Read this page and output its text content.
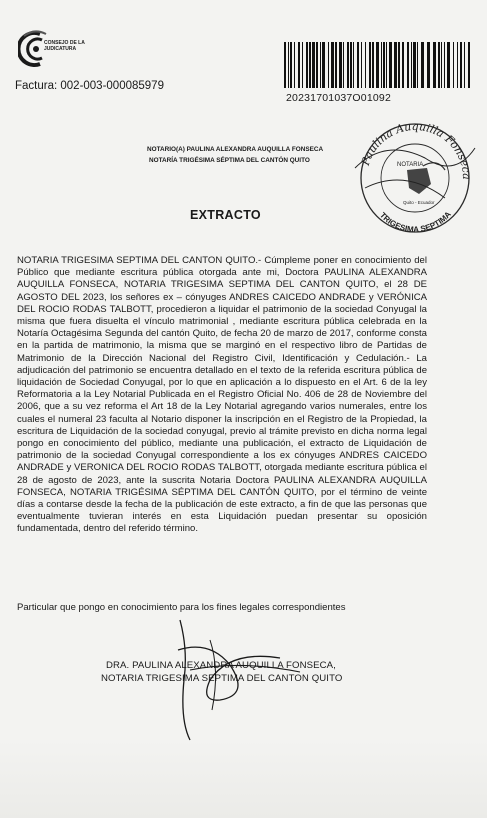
CONSEJO DE LA JUDICATURA
Factura: 002-003-000085979
20231701037O01092
NOTARIO(A) PAULINA ALEXANDRA AUQUILLA FONSECA
NOTARÍA TRIGÉSIMA SÉPTIMA DEL CANTÓN QUITO	Paulina Auquilla Fonseca
TRIGESIMA SEPTIMA
NOTARIA
Quito - Ecuador
EXTRACTO
NOTARIA TRIGESIMA SEPTIMA DEL CANTON QUITO.- Cúmpleme poner en conocimiento del Público que mediante escritura pública otorgada ante mi, Doctora PAULINA ALEXANDRA AUQUILLA FONSECA, NOTARIA TRIGESIMA SEPTIMA DEL CANTON QUITO, el 28 DE AGOSTO DEL 2023, los señores ex – cónyuges ANDRES CAICEDO ANDRADE y VERÓNICA DEL ROCIO RODAS TALBOTT, procedieron a liquidar el patrimonio de la sociedad Conyugal la misma que fuera disuelta el vínculo matrimonial , mediante escritura pública celebrada en la Notaría Octagésima Segunda del cantón Quito, de fecha 20 de marzo de 2017, conforme consta en la partida de matrimonio, la misma que se marginó en el respectivo libro de Partidas de Matrimonio de la Dirección Nacional del Registro Civil, Identificación y Cedulación.- La adjudicación del patrimonio se encuentra detallado en el texto de la referida escritura pública de liquidación de Sociedad Conyugal, por lo que en aplicación a lo dispuesto en el Art. 6 de la ley Reformatoria a la Ley Notarial Publicada en el Registro Oficial No. 406 de 28 de Noviembre del 2006, que a su vez reforma el Art 18 de la Ley Notarial agregando varios numerales, entre los cuales el numeral 23 faculta al Notario disponer la inscripción en el Registro de la Propiedad, la escritura de Liquidación de la sociedad conyugal, previo al trámite previsto en dicha norma legal pongo en conocimiento del público, mediante una publicación, el extracto de Liquidación de patrimonio de la sociedad Conyugal correspondiente a los ex cónyuges ANDRES CAICEDO ANDRADE y VERONICA DEL ROCIO RODAS TALBOTT, otorgada mediante escritura pública el 28 de agosto de 2023, ante la suscrita Notaria Doctora PAULINA ALEXANDRA AUQUILLA FONSECA, NOTARIA TRIGÉSIMA SÉPTIMA DEL CANTÓN QUITO, por el término de veinte días a contarse desde la fecha de la publicación de este extracto, a fin de que las personas que eventualmente tuvieran interés en esta Liquidación puedan presentar su oposición fundamentada, dentro del referido término.
Particular que pongo en conocimiento para los fines legales correspondientes
DRA. PAULINA ALEXANDRA AUQUILLA FONSECA,
NOTARIA TRIGESIMA SEPTIMA DEL CANTON QUITO
